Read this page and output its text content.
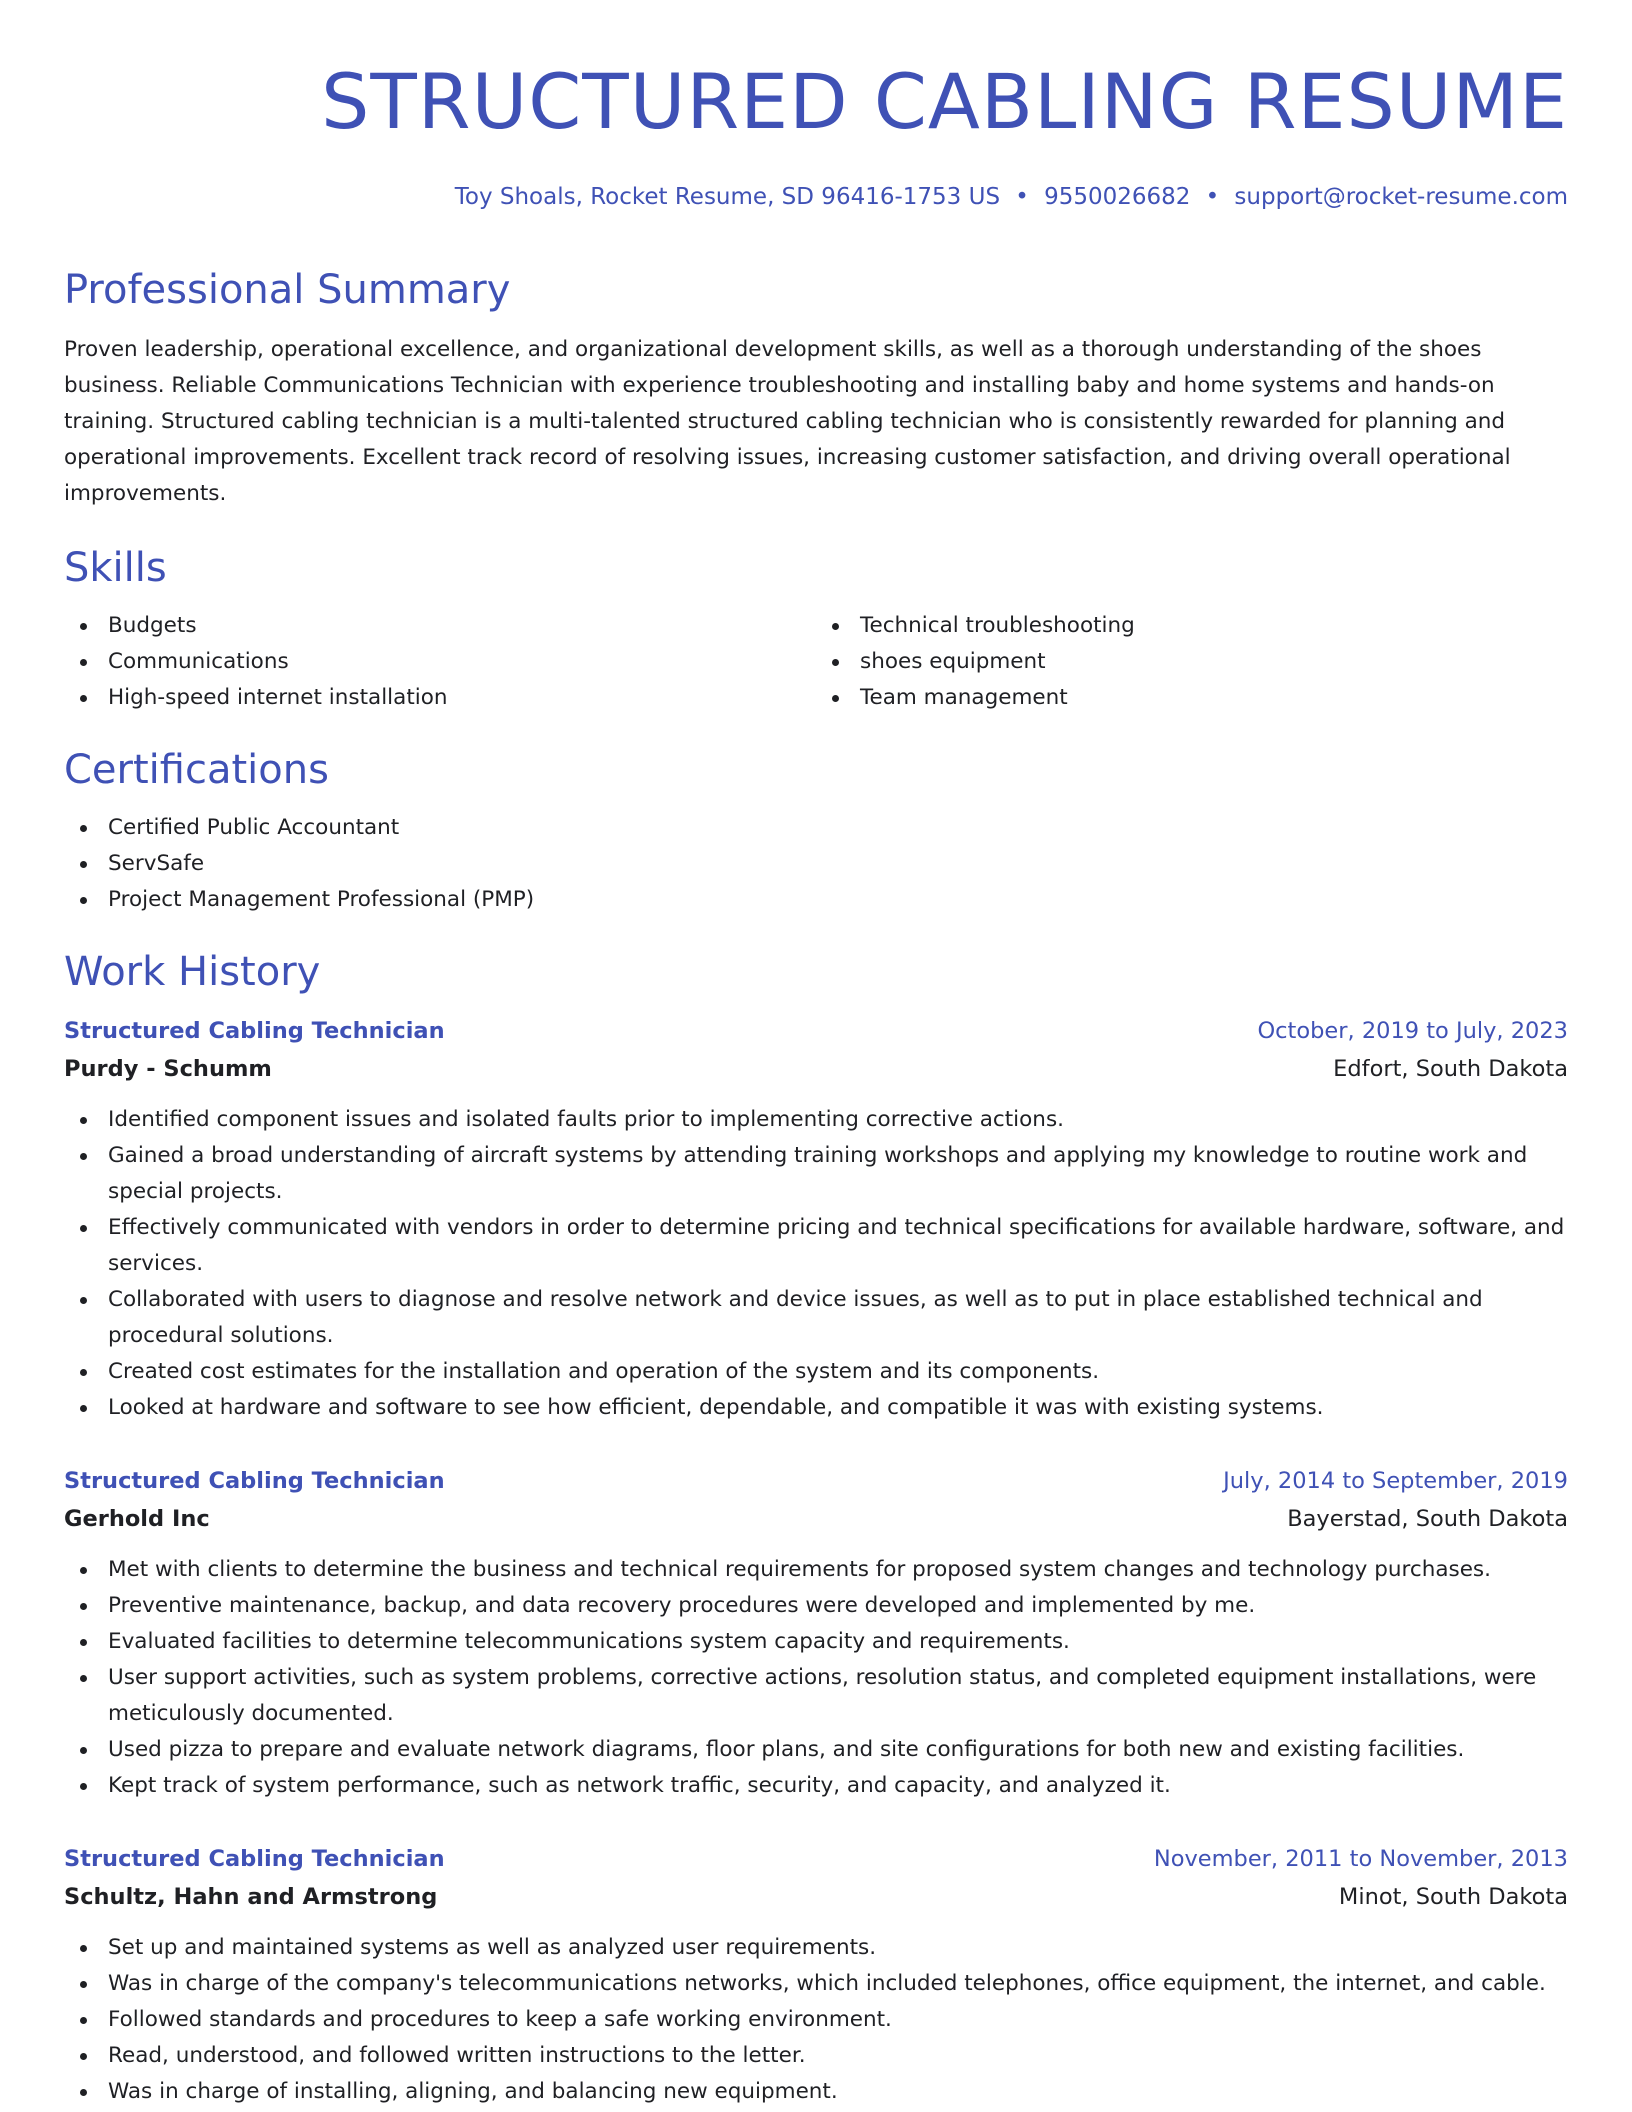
STRUCTURED CABLING RESUME
Toy Shoals, Rocket Resume, SD 96416-1753 US • 9550026682 • support@rocket-resume.com
Professional Summary

Proven leadership, operational excellence, and organizational development skills, as well as a thorough understanding of the shoes business. Reliable Communications Technician with experience troubleshooting and installing baby and home systems and hands-on training. Structured cabling technician is a multi-talented structured cabling technician who is consistently rewarded for planning and operational improvements. Excellent track record of resolving issues, increasing customer satisfaction, and driving overall operational improvements.

Skills
Budgets
Communications
High-speed internet installation
Technical troubleshooting
shoes equipment
Team management
Certifications
Certified Public Accountant
ServSafe
Project Management Professional (PMP)
Work History
Structured Cabling Technician	October, 2019 to July, 2023
Purdy - Schumm	Edfort, South Dakota
Identified component issues and isolated faults prior to implementing corrective actions.
Gained a broad understanding of aircraft systems by attending training workshops and applying my knowledge to routine work and special projects.
Effectively communicated with vendors in order to determine pricing and technical specifications for available hardware, software, and services.
Collaborated with users to diagnose and resolve network and device issues, as well as to put in place established technical and procedural solutions.
Created cost estimates for the installation and operation of the system and its components.
Looked at hardware and software to see how efficient, dependable, and compatible it was with existing systems.
Structured Cabling Technician	July, 2014 to September, 2019
Gerhold Inc	Bayerstad, South Dakota
Met with clients to determine the business and technical requirements for proposed system changes and technology purchases.
Preventive maintenance, backup, and data recovery procedures were developed and implemented by me.
Evaluated facilities to determine telecommunications system capacity and requirements.
User support activities, such as system problems, corrective actions, resolution status, and completed equipment installations, were meticulously documented.
Used pizza to prepare and evaluate network diagrams, floor plans, and site configurations for both new and existing facilities.
Kept track of system performance, such as network traffic, security, and capacity, and analyzed it.
Structured Cabling Technician	November, 2011 to November, 2013
Schultz, Hahn and Armstrong	Minot, South Dakota
Set up and maintained systems as well as analyzed user requirements.
Was in charge of the company's telecommunications networks, which included telephones, office equipment, the internet, and cable.
Followed standards and procedures to keep a safe working environment.
Read, understood, and followed written instructions to the letter.
Was in charge of installing, aligning, and balancing new equipment.
